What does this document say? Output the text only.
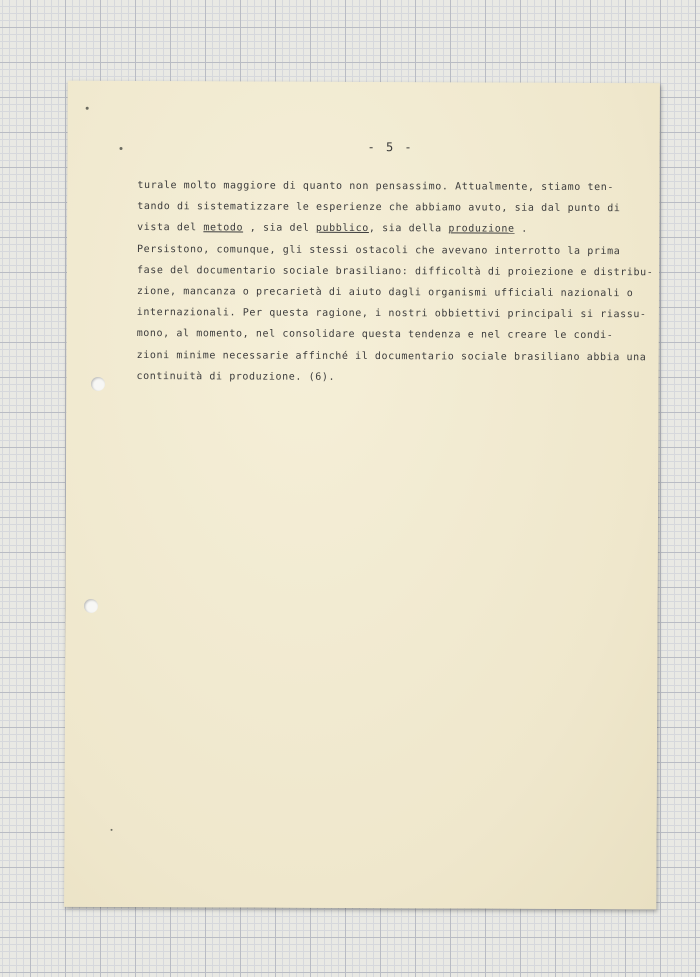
- 5 -
turale molto maggiore di quanto non pensassimo. Attualmente, stiamo ten-
tando di sistematizzare le esperienze che abbiamo avuto, sia dal punto di
vista del metodo , sia del pubblico, sia della produzione .
Persistono, comunque, gli stessi ostacoli che avevano interrotto la prima
fase del documentario sociale brasiliano: difficoltà di proiezione e distribu-
zione, mancanza o precarietà di aiuto dagli organismi ufficiali nazionali o
internazionali. Per questa ragione, i nostri obbiettivi principali si riassu-
mono, al momento, nel consolidare questa tendenza e nel creare le condi-
zioni minime necessarie affinché il documentario sociale brasiliano abbia una
continuità di produzione. (6).
